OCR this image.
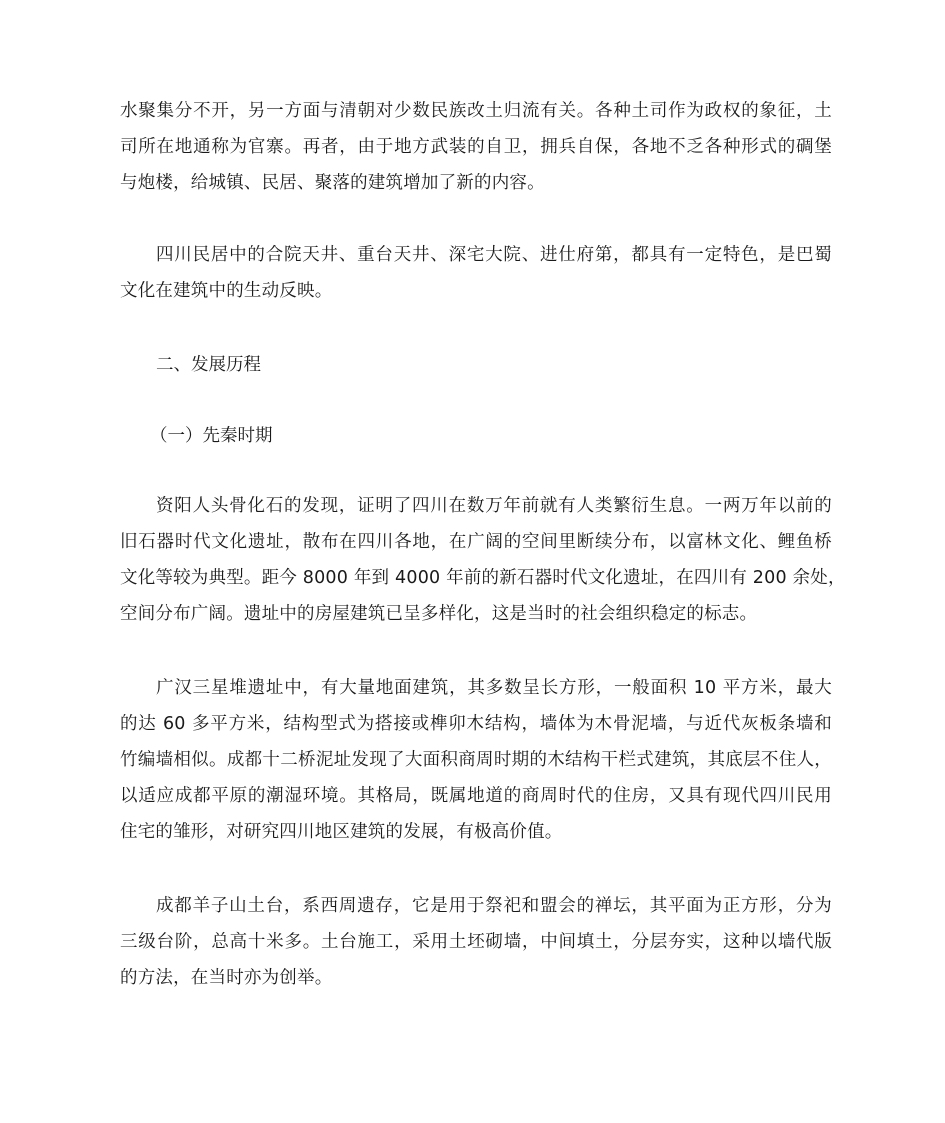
水聚集分不开，另一方面与清朝对少数民族改土归流有关。各种土司作为政权的象征，土
司所在地通称为官寨。再者，由于地方武装的自卫，拥兵自保，各地不乏各种形式的碉堡
与炮楼，给城镇、民居、聚落的建筑增加了新的内容。

四川民居中的合院天井、重台天井、深宅大院、进仕府第，都具有一定特色，是巴蜀
文化在建筑中的生动反映。

二、发展历程
（一）先秦时期

资阳人头骨化石的发现，证明了四川在数万年前就有人类繁衍生息。一两万年以前的
旧石器时代文化遗址，散布在四川各地，在广阔的空间里断续分布，以富林文化、鲤鱼桥
文化等较为典型。距今 8000 年到 4000 年前的新石器时代文化遗址，在四川有 200 余处，
空间分布广阔。遗址中的房屋建筑已呈多样化，这是当时的社会组织稳定的标志。

广汉三星堆遗址中，有大量地面建筑，其多数呈长方形，一般面积 10 平方米，最大
的达 60 多平方米，结构型式为搭接或榫卯木结构，墙体为木骨泥墙，与近代灰板条墙和
竹编墙相似。成都十二桥泥址发现了大面积商周时期的木结构干栏式建筑，其底层不住人，
以适应成都平原的潮湿环境。其格局，既属地道的商周时代的住房，又具有现代四川民用
住宅的雏形，对研究四川地区建筑的发展，有极高价值。

成都羊子山土台，系西周遗存，它是用于祭祀和盟会的禅坛，其平面为正方形，分为
三级台阶，总高十米多。土台施工，采用土坯砌墙，中间填土，分层夯实，这种以墙代版
的方法，在当时亦为创举。
